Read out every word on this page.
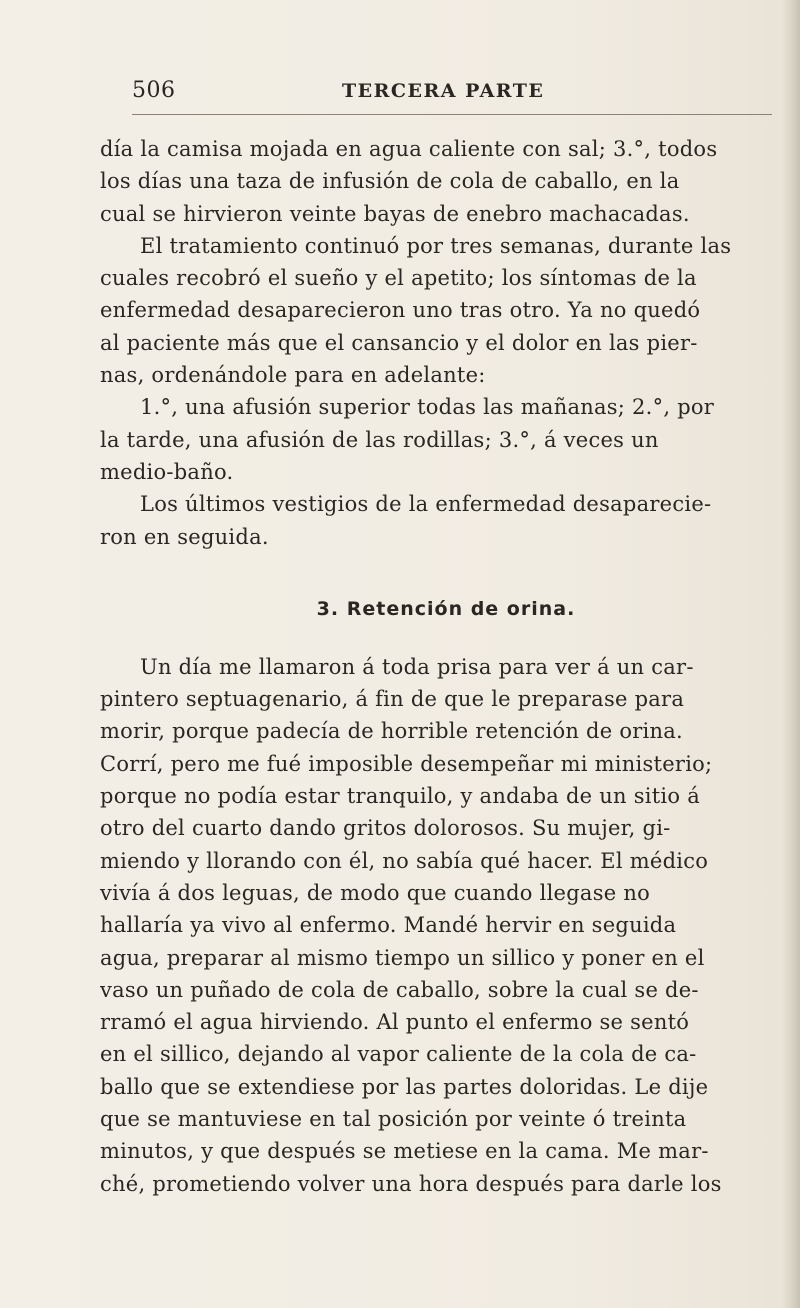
506	TERCERA PARTE
día la camisa mojada en agua caliente con sal; 3.°, todos
los días una taza de infusión de cola de caballo, en la
cual se hirvieron veinte bayas de enebro machacadas.
El tratamiento continuó por tres semanas, durante las
cuales recobró el sueño y el apetito; los síntomas de la
enfermedad desaparecieron uno tras otro. Ya no quedó
al paciente más que el cansancio y el dolor en las pier-
nas, ordenándole para en adelante:
1.°, una afusión superior todas las mañanas; 2.°, por
la tarde, una afusión de las rodillas; 3.°, á veces un
medio-baño.
Los últimos vestigios de la enfermedad desaparecie-
ron en seguida.
3. Retención de orina.
Un día me llamaron á toda prisa para ver á un car-
pintero septuagenario, á fin de que le preparase para
morir, porque padecía de horrible retención de orina.
Corrí, pero me fué imposible desempeñar mi ministerio;
porque no podía estar tranquilo, y andaba de un sitio á
otro del cuarto dando gritos dolorosos. Su mujer, gi-
miendo y llorando con él, no sabía qué hacer. El médico
vivía á dos leguas, de modo que cuando llegase no
hallaría ya vivo al enfermo. Mandé hervir en seguida
agua, preparar al mismo tiempo un sillico y poner en el
vaso un puñado de cola de caballo, sobre la cual se de-
rramó el agua hirviendo. Al punto el enfermo se sentó
en el sillico, dejando al vapor caliente de la cola de ca-
ballo que se extendiese por las partes doloridas. Le dije
que se mantuviese en tal posición por veinte ó treinta
minutos, y que después se metiese en la cama. Me mar-
ché, prometiendo volver una hora después para darle los
